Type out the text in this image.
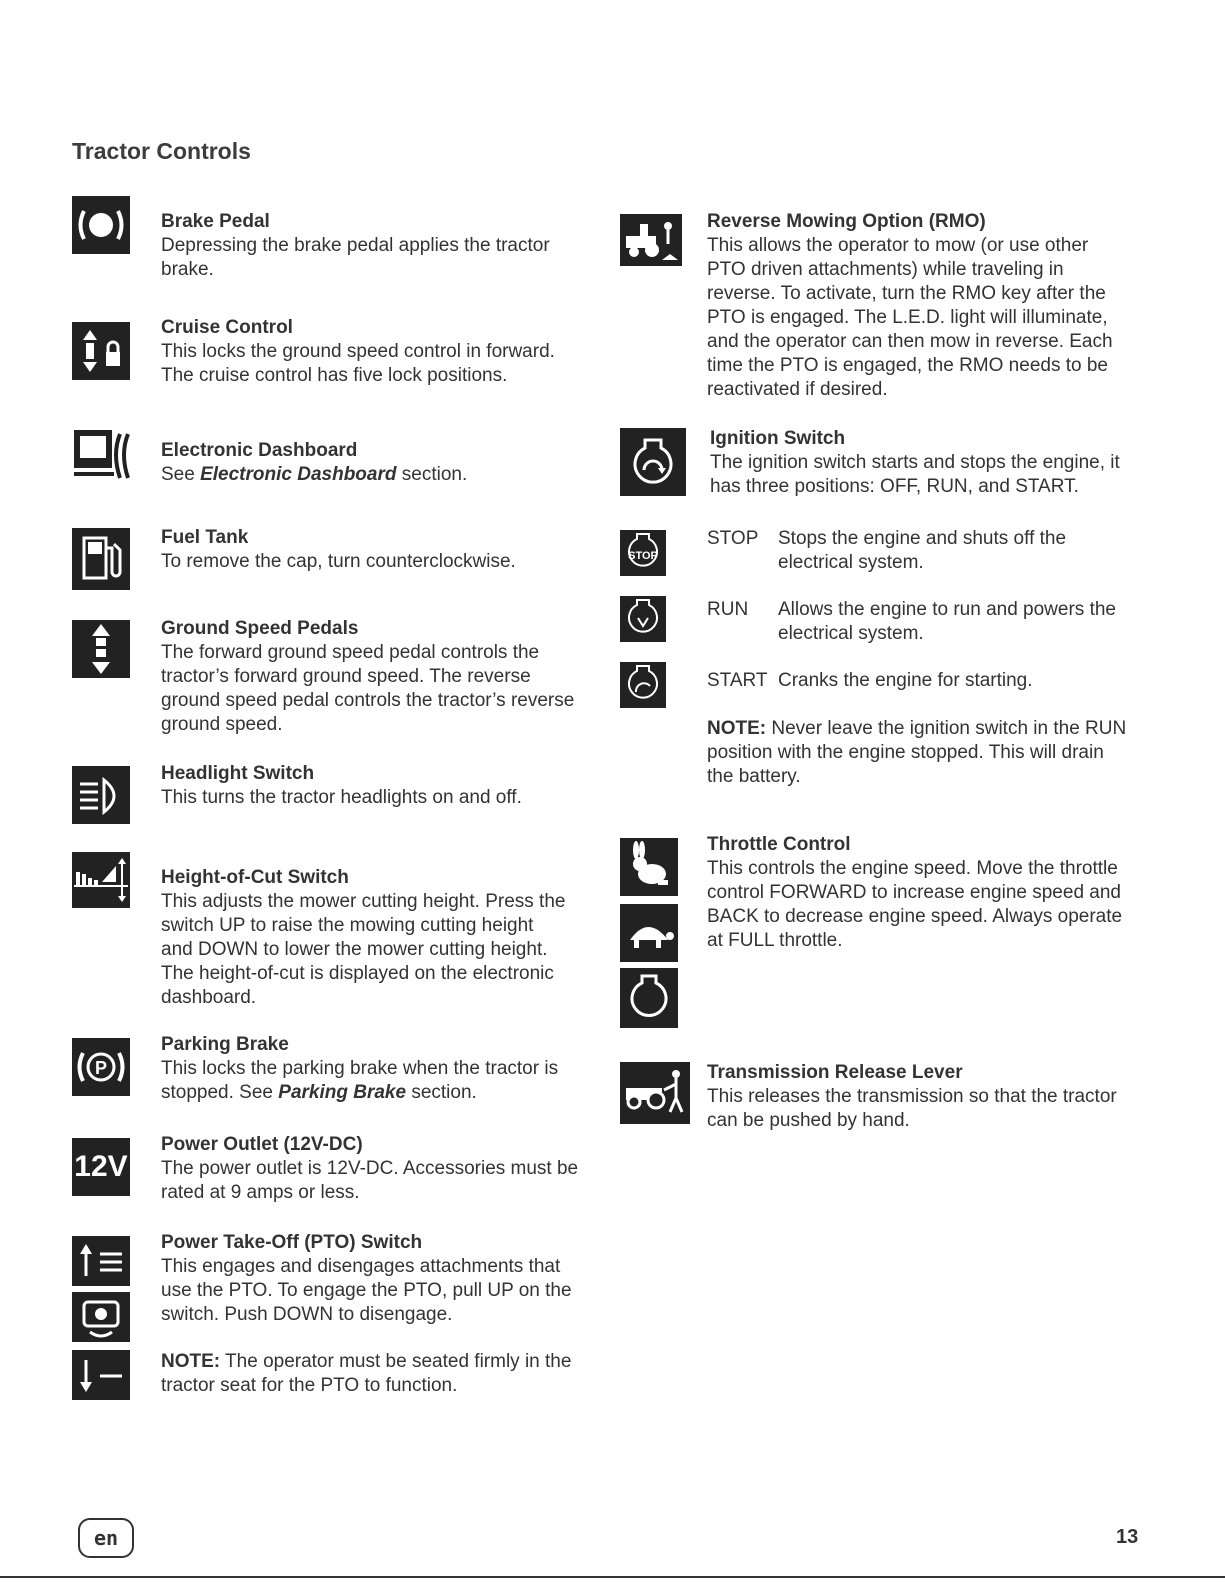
Tractor Controls
Brake Pedal
Depressing the brake pedal applies the tractor
brake.
Cruise Control
This locks the ground speed control in forward.
The cruise control has five lock positions.
Electronic Dashboard
See Electronic Dashboard section.
Fuel Tank
To remove the cap, turn counterclockwise.
Ground Speed Pedals
The forward ground speed pedal controls the
tractor’s forward ground speed. The reverse
ground speed pedal controls the tractor’s reverse
ground speed.
Headlight Switch
This turns the tractor headlights on and off.
Height-of-Cut Switch
This adjusts the mower cutting height. Press the
switch UP to raise the mowing cutting height
and DOWN to lower the mower cutting height.
The height-of-cut is displayed on the electronic
dashboard.
P
Parking Brake
This locks the parking brake when the tractor is
stopped. See Parking Brake section.
12V
Power Outlet (12V-DC)
The power outlet is 12V-DC. Accessories must be
rated at 9 amps or less.
Power Take-Off (PTO) Switch
This engages and disengages attachments that
use the PTO. To engage the PTO, pull UP on the
switch. Push DOWN to disengage.
NOTE: The operator must be seated firmly in the
tractor seat for the PTO to function.
Reverse Mowing Option (RMO)
This allows the operator to mow (or use other
PTO driven attachments) while traveling in
reverse. To activate, turn the RMO key after the
PTO is engaged. The L.E.D. light will illuminate,
and the operator can then mow in reverse. Each
time the PTO is engaged, the RMO needs to be
reactivated if desired.
Ignition Switch
The ignition switch starts and stops the engine, it
has three positions: OFF, RUN, and START.
STOP
STOP Stops the engine and shuts off the
electrical system.
RUN Allows the engine to run and powers the
electrical system.
START Cranks the engine for starting.
NOTE: Never leave the ignition switch in the RUN
position with the engine stopped. This will drain
the battery.
Throttle Control
This controls the engine speed. Move the throttle
control FORWARD to increase engine speed and
BACK to decrease engine speed. Always operate
at FULL throttle.
Transmission Release Lever
This releases the transmission so that the tractor
can be pushed by hand.
en	13
